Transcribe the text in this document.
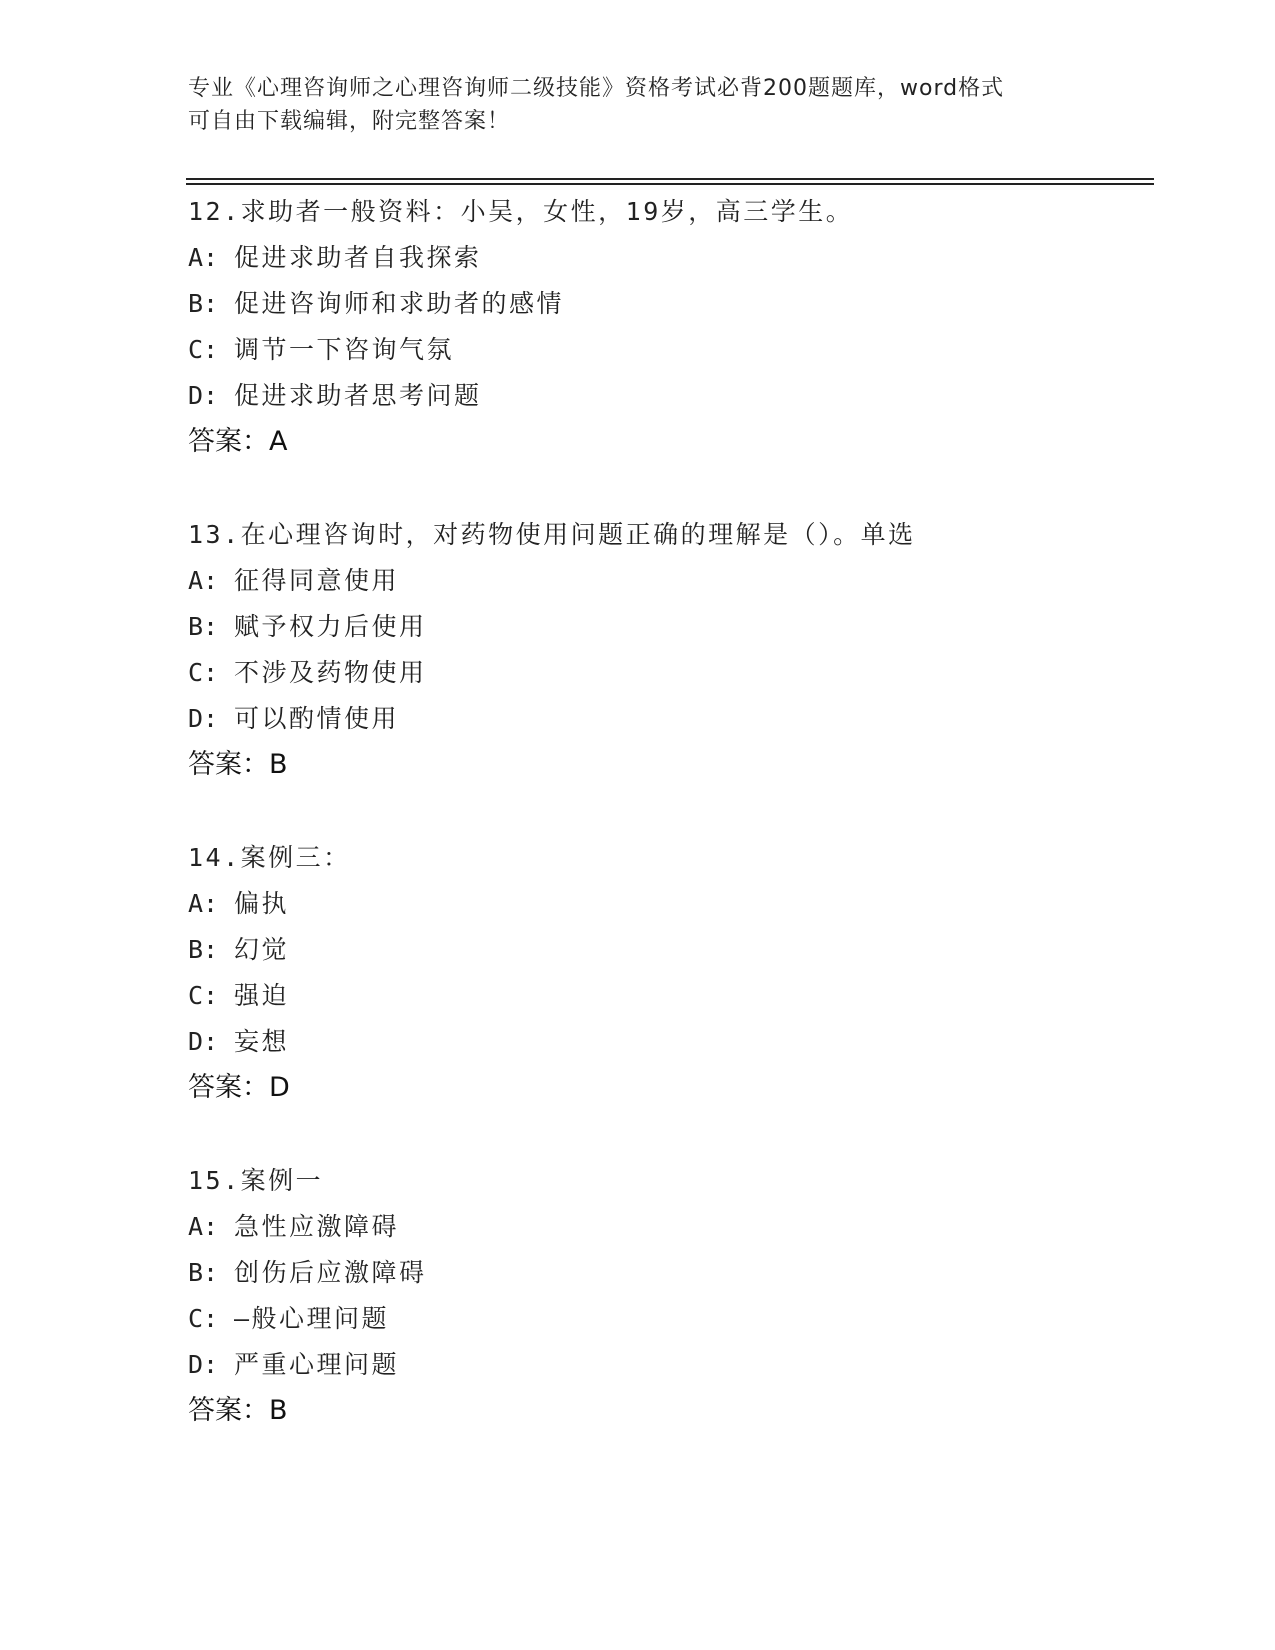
专业《心理咨询师之心理咨询师二级技能》资格考试必背200题题库，word格式
可自由下载编辑，附完整答案！
12.求助者一般资料：小吴，女性，19岁，高三学生。
A: 促进求助者自我探索
B: 促进咨询师和求助者的感情
C: 调节一下咨询气氛
D: 促进求助者思考问题
答案：A
13.在心理咨询时，对药物使用问题正确的理解是（）。单选
A: 征得同意使用
B: 赋予权力后使用
C: 不涉及药物使用
D: 可以酌情使用
答案：B
14.案例三：
A: 偏执
B: 幻觉
C: 强迫
D: 妄想
答案：D
15.案例一
A: 急性应激障碍
B: 创伤后应激障碍
C: —般心理问题
D: 严重心理问题
答案：B
